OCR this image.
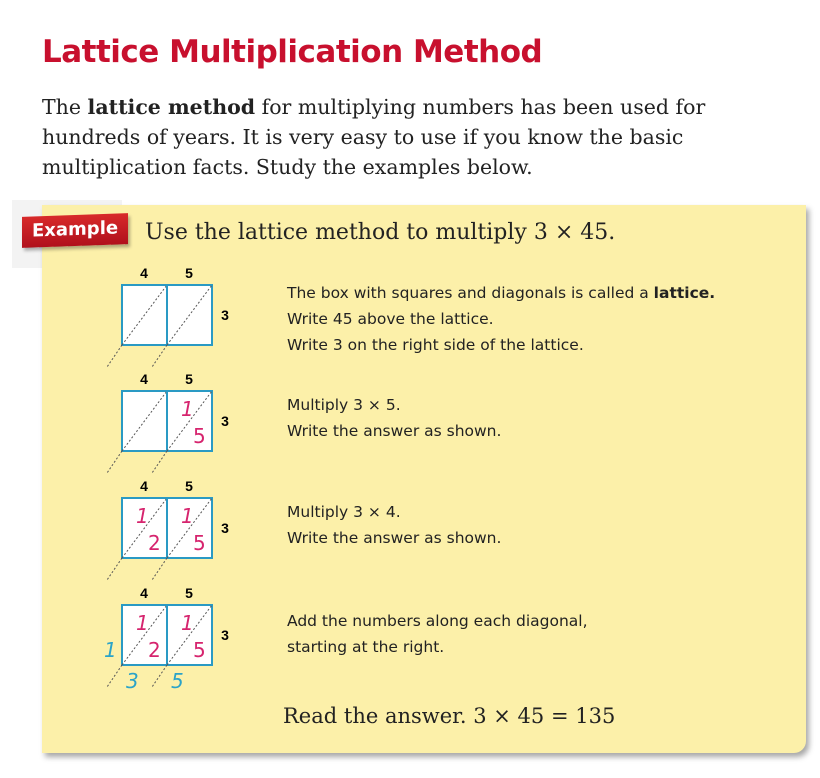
Lattice Multiplication Method
The lattice method for multiplying numbers has been used for hundreds of years. It is very easy to use if you know the basic multiplication facts. Study the examples below.
Example	Use the lattice method to multiply 3 × 45.
4	5
3
The box with squares and diagonals is called a lattice.
Write 45 above the lattice.
Write 3 on the right side of the lattice.
4	5
3
1
5
Multiply 3 × 5.
Write the answer as shown.
4	5
3
1
2
1
5
Multiply 3 × 4.
Write the answer as shown.
4	5
3
1
2
1
5
1
3 5
Add the numbers along each diagonal,
starting at the right.
Read the answer. 3 × 45 = 135
